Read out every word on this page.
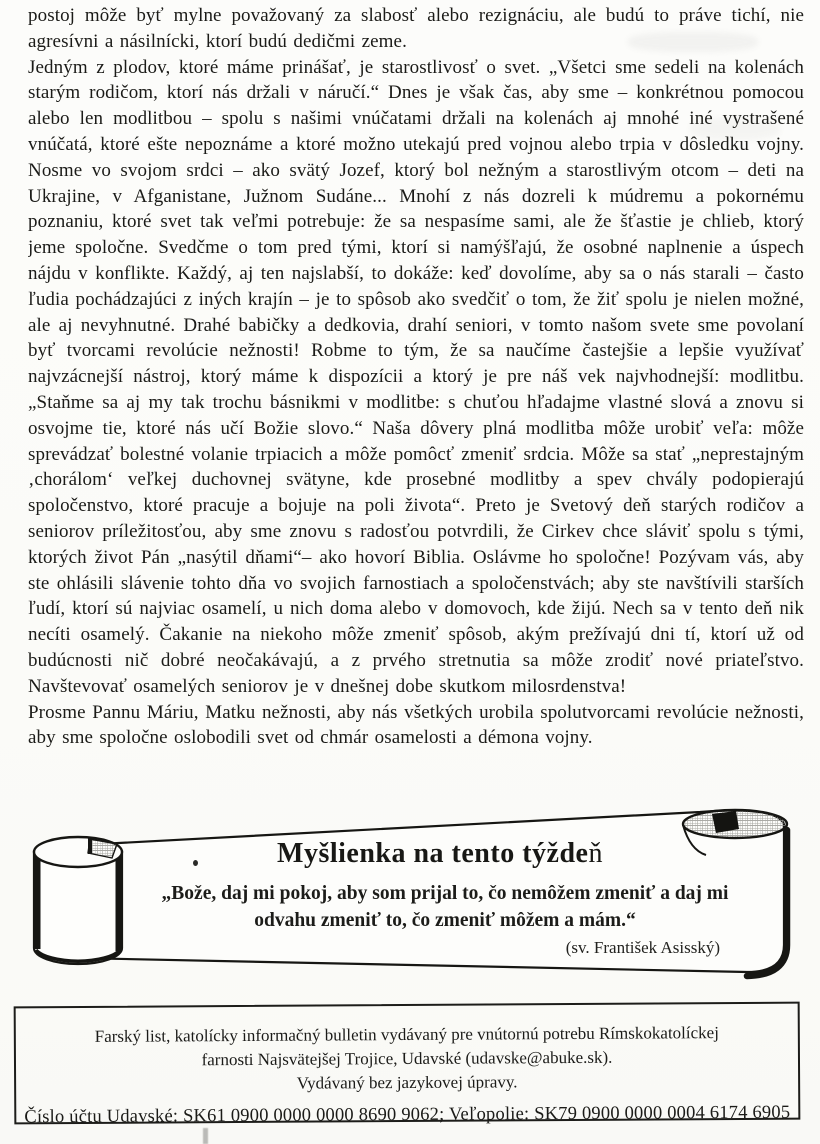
postoj môže byť mylne považovaný za slabosť alebo rezignáciu, ale budú to práve tichí, nie agresívni a násilnícki, ktorí budú dedičmi zeme.

Jedným z plodov, ktoré máme prinášať, je starostlivosť o svet. „Všetci sme sedeli na kolenách starým rodičom, ktorí nás držali v náručí.“ Dnes je však čas, aby sme – konkrétnou pomocou alebo len modlitbou – spolu s našimi vnúčatami držali na kolenách aj mnohé iné vystrašené vnúčatá, ktoré ešte nepoznáme a ktoré možno utekajú pred vojnou alebo trpia v dôsledku vojny. Nosme vo svojom srdci – ako svätý Jozef, ktorý bol nežným a starostlivým otcom – deti na Ukrajine, v Afganistane, Južnom Sudáne... Mnohí z nás dozreli k múdremu a pokornému poznaniu, ktoré svet tak veľmi potrebuje: že sa nespasíme sami, ale že šťastie je chlieb, ktorý jeme spoločne. Svedčme o tom pred tými, ktorí si namýšľajú, že osobné naplnenie a úspech nájdu v konflikte. Každý, aj ten najslabší, to dokáže: keď dovolíme, aby sa o nás starali – často ľudia pochádzajúci z iných krajín – je to spôsob ako svedčiť o tom, že žiť spolu je nielen možné, ale aj nevyhnutné. Drahé babičky a dedkovia, drahí seniori, v tomto našom svete sme povolaní byť tvorcami revolúcie nežnosti! Robme to tým, že sa naučíme častejšie a lepšie využívať najvzácnejší nástroj, ktorý máme k dispozícii a ktorý je pre náš vek najvhodnejší: modlitbu. „Staňme sa aj my tak trochu básnikmi v modlitbe: s chuťou hľadajme vlastné slová a znovu si osvojme tie, ktoré nás učí Božie slovo.“ Naša dôvery plná modlitba môže urobiť veľa: môže sprevádzať bolestné volanie trpiacich a môže pomôcť zmeniť srdcia. Môže sa stať „neprestajným ‚chorálom‘ veľkej duchovnej svätyne, kde prosebné modlitby a spev chvály podopierajú spoločenstvo, ktoré pracuje a bojuje na poli života“. Preto je Svetový deň starých rodičov a seniorov príležitosťou, aby sme znovu s radosťou potvrdili, že Cirkev chce sláviť spolu s tými, ktorých život Pán „nasýtil dňami“– ako hovorí Biblia. Oslávme ho spoločne! Pozývam vás, aby ste ohlásili slávenie tohto dňa vo svojich farnostiach a spoločenstvách; aby ste navštívili starších ľudí, ktorí sú najviac osamelí, u nich doma alebo v domovoch, kde žijú. Nech sa v tento deň nik necíti osamelý. Čakanie na niekoho môže zmeniť spôsob, akým prežívajú dni tí, ktorí už od budúcnosti nič dobré neočakávajú, a z prvého stretnutia sa môže zrodiť nové priateľstvo. Navštevovať osamelých seniorov je v dnešnej dobe skutkom milosrdenstva!

Prosme Pannu Máriu, Matku nežnosti, aby nás všetkých urobila spolutvorcami revolúcie nežnosti, aby sme spoločne oslobodili svet od chmár osamelosti a démona vojny.

Myšlienka na tento týždeň
„Bože, daj mi pokoj, aby som prijal to, čo nemôžem zmeniť a daj mi odvahu zmeniť to, čo zmeniť môžem a mám.“
(sv. František Asisský)

Farský list, katolícky informačný bulletin vydávaný pre vnútornú potrebu Rímskokatolíckej

farnosti Najsvätejšej Trojice, Udavské (udavske@abuke.sk).

Vydávaný bez jazykovej úpravy.

Číslo účtu Udavské: SK61 0900 0000 0000 8690 9062; Veľopolie: SK79 0900 0000 0004 6174 6905
